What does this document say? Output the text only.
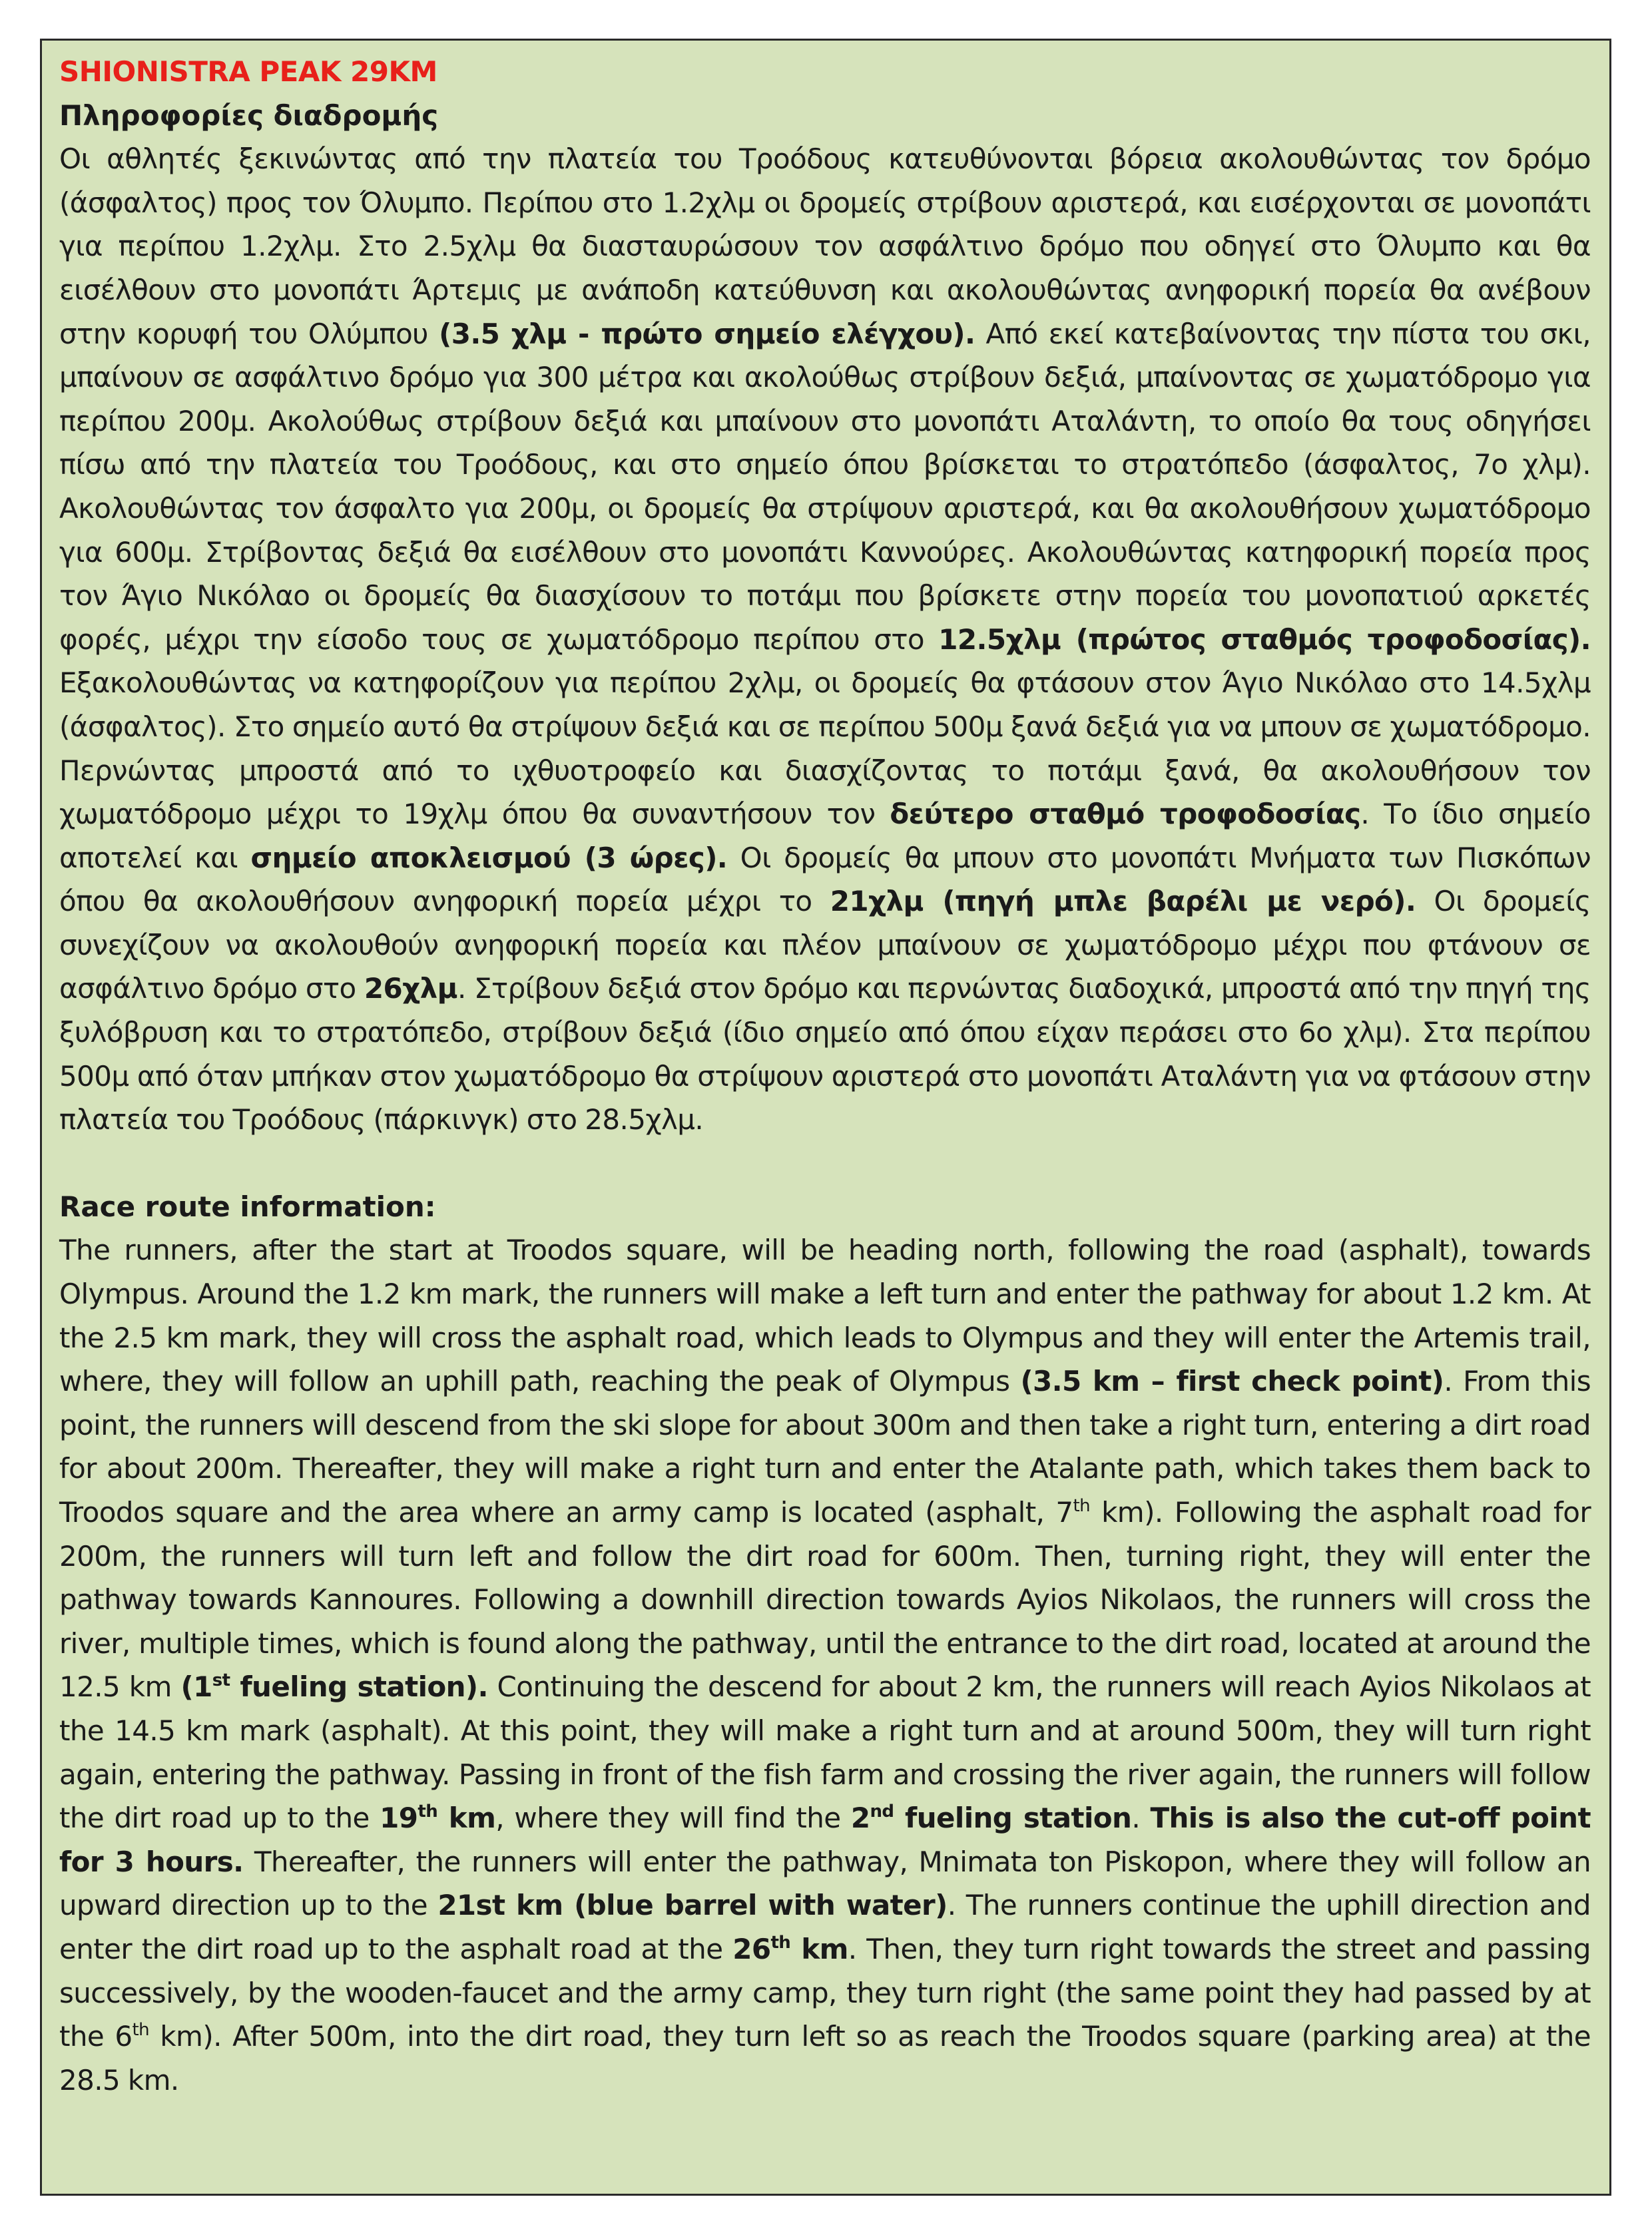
SHIONISTRA PEAK 29KM

Πληροφορίες διαδρομής

Οι αθλητές ξεκινώντας από την πλατεία του Τροόδους κατευθύνονται βόρεια ακολουθώντας τον δρόμο (άσφαλτος) προς τον Όλυμπο. Περίπου στο 1.2χλμ οι δρομείς στρίβουν αριστερά, και εισέρχονται σε μονοπάτι για περίπου 1.2χλμ. Στο 2.5χλμ θα διασταυρώσουν τον ασφάλτινο δρόμο που οδηγεί στο Όλυμπο και θα εισέλθουν στο μονοπάτι Άρτεμις με ανάποδη κατεύθυνση και ακολουθώντας ανηφορική πορεία θα ανέβουν στην κορυφή του Ολύμπου (3.5 χλμ - πρώτο σημείο ελέγχου). Από εκεί κατεβαίνοντας την πίστα του σκι, μπαίνουν σε ασφάλτινο δρόμο για 300 μέτρα και ακολούθως στρίβουν δεξιά, μπαίνοντας σε χωματόδρομο για περίπου 200μ. Ακολούθως στρίβουν δεξιά και μπαίνουν στο μονοπάτι Αταλάντη, το οποίο θα τους οδηγήσει πίσω από την πλατεία του Τροόδους, και στο σημείο όπου βρίσκεται το στρατόπεδο (άσφαλτος, 7ο χλμ). Ακολουθώντας τον άσφαλτο για 200μ, οι δρομείς θα στρίψουν αριστερά, και θα ακολουθήσουν χωματόδρομο για 600μ. Στρίβοντας δεξιά θα εισέλθουν στο μονοπάτι Καννούρες. Ακολουθώντας κατηφορική πορεία προς τον Άγιο Νικόλαο οι δρομείς θα διασχίσουν το ποτάμι που βρίσκετε στην πορεία του μονοπατιού αρκετές φορές, μέχρι την είσοδο τους σε χωματόδρομο περίπου στο 12.5χλμ (πρώτος σταθμός τροφοδοσίας). Εξακολουθώντας να κατηφορίζουν για περίπου 2χλμ, οι δρομείς θα φτάσουν στον Άγιο Νικόλαο στο 14.5χλμ (άσφαλτος). Στο σημείο αυτό θα στρίψουν δεξιά και σε περίπου 500μ ξανά δεξιά για να μπουν σε χωματόδρομο. Περνώντας μπροστά από το ιχθυοτροφείο και διασχίζοντας το ποτάμι ξανά, θα ακολουθήσουν τον χωματόδρομο μέχρι το 19χλμ όπου θα συναντήσουν τον δεύτερο σταθμό τροφοδοσίας. Το ίδιο σημείο αποτελεί και σημείο αποκλεισμού (3 ώρες). Οι δρομείς θα μπουν στο μονοπάτι Μνήματα των Πισκόπων όπου θα ακολουθήσουν ανηφορική πορεία μέχρι το 21χλμ (πηγή μπλε βαρέλι με νερό). Οι δρομείς συνεχίζουν να ακολουθούν ανηφορική πορεία και πλέον μπαίνουν σε χωματόδρομο μέχρι που φτάνουν σε ασφάλτινο δρόμο στο 26χλμ. Στρίβουν δεξιά στον δρόμο και περνώντας διαδοχικά, μπροστά από την πηγή της ξυλόβρυση και το στρατόπεδο, στρίβουν δεξιά (ίδιο σημείο από όπου είχαν περάσει στο 6ο χλμ). Στα περίπου 500μ από όταν μπήκαν στον χωματόδρομο θα στρίψουν αριστερά στο μονοπάτι Αταλάντη για να φτάσουν στην πλατεία του Τροόδους (πάρκινγκ) στο 28.5χλμ.

Race route information:

The runners, after the start at Troodos square, will be heading north, following the road (asphalt), towards Olympus. Around the 1.2 km mark, the runners will make a left turn and enter the pathway for about 1.2 km. At the 2.5 km mark, they will cross the asphalt road, which leads to Olympus and they will enter the Artemis trail, where, they will follow an uphill path, reaching the peak of Olympus (3.5 km – first check point). From this point, the runners will descend from the ski slope for about 300m and then take a right turn, entering a dirt road for about 200m. Thereafter, they will make a right turn and enter the Atalante path, which takes them back to Troodos square and the area where an army camp is located (asphalt, 7th km). Following the asphalt road for 200m, the runners will turn left and follow the dirt road for 600m. Then, turning right, they will enter the pathway towards Kannoures. Following a downhill direction towards Ayios Nikolaos, the runners will cross the river, multiple times, which is found along the pathway, until the entrance to the dirt road, located at around the 12.5 km (1st fueling station). Continuing the descend for about 2 km, the runners will reach Ayios Nikolaos at the 14.5 km mark (asphalt). At this point, they will make a right turn and at around 500m, they will turn right again, entering the pathway. Passing in front of the fish farm and crossing the river again, the runners will follow the dirt road up to the 19th km, where they will find the 2nd fueling station. This is also the cut-off point for 3 hours. Thereafter, the runners will enter the pathway, Mnimata ton Piskopon, where they will follow an upward direction up to the 21st km (blue barrel with water). The runners continue the uphill direction and enter the dirt road up to the asphalt road at the 26th km. Then, they turn right towards the street and passing successively, by the wooden-faucet and the army camp, they turn right (the same point they had passed by at the 6th km). After 500m, into the dirt road, they turn left so as reach the Troodos square (parking area) at the 28.5 km.
